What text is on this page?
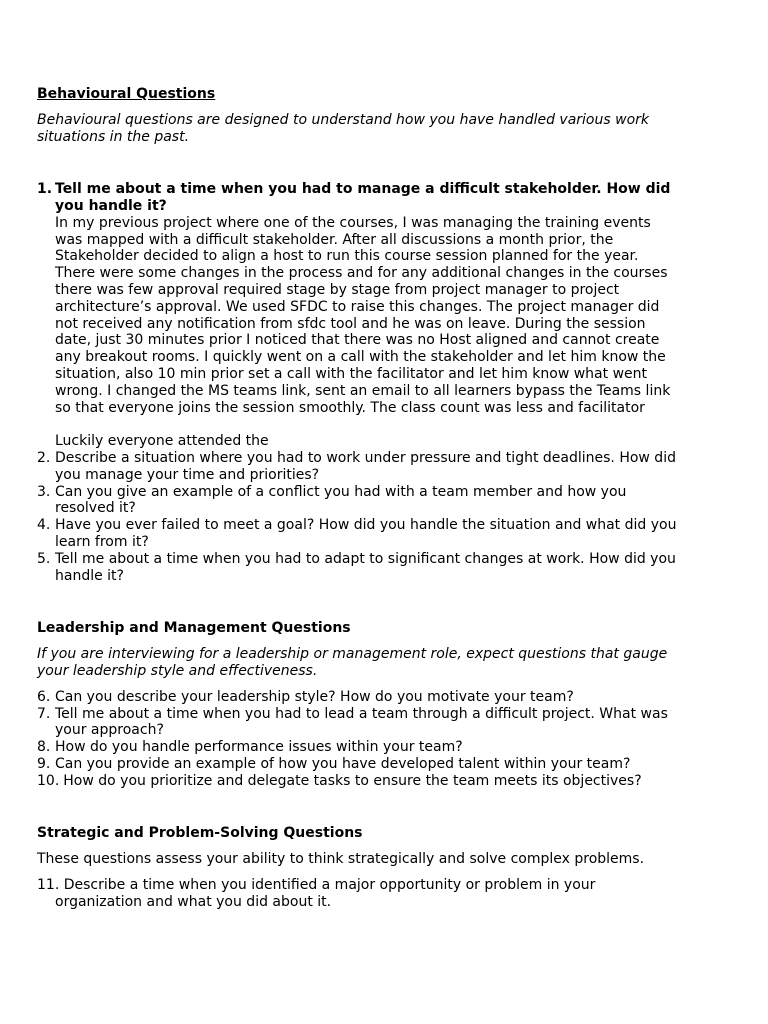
Behavioural Questions

Behavioural questions are designed to understand how you have handled various work situations in the past.

1. Tell me about a time when you had to manage a difficult stakeholder. How did you handle it?

In my previous project where one of the courses, I was managing the training events was mapped with a difficult stakeholder. After all discussions a month prior, the Stakeholder decided to align a host to run this course session planned for the year. There were some changes in the process and for any additional changes in the courses there was few approval required stage by stage from project manager to project architecture’s approval. We used SFDC to raise this changes. The project manager did not received any notification from sfdc tool and he was on leave. During the session date, just 30 minutes prior I noticed that there was no Host aligned and cannot create any breakout rooms. I quickly went on a call with the stakeholder and let him know the situation, also 10 min prior set a call with the facilitator and let him know what went wrong. I changed the MS teams link, sent an email to all learners bypass the Teams link so that everyone joins the session smoothly. The class count was less and facilitator

Luckily everyone attended the

2. Describe a situation where you had to work under pressure and tight deadlines. How did you manage your time and priorities?
3. Can you give an example of a conflict you had with a team member and how you resolved it?
4. Have you ever failed to meet a goal? How did you handle the situation and what did you learn from it?
5. Tell me about a time when you had to adapt to significant changes at work. How did you handle it?

Leadership and Management Questions

If you are interviewing for a leadership or management role, expect questions that gauge your leadership style and effectiveness.

6. Can you describe your leadership style? How do you motivate your team?
7. Tell me about a time when you had to lead a team through a difficult project. What was your approach?
8. How do you handle performance issues within your team?
9. Can you provide an example of how you have developed talent within your team?
10. How do you prioritize and delegate tasks to ensure the team meets its objectives?

Strategic and Problem-Solving Questions

These questions assess your ability to think strategically and solve complex problems.

11. Describe a time when you identified a major opportunity or problem in your organization and what you did about it.
